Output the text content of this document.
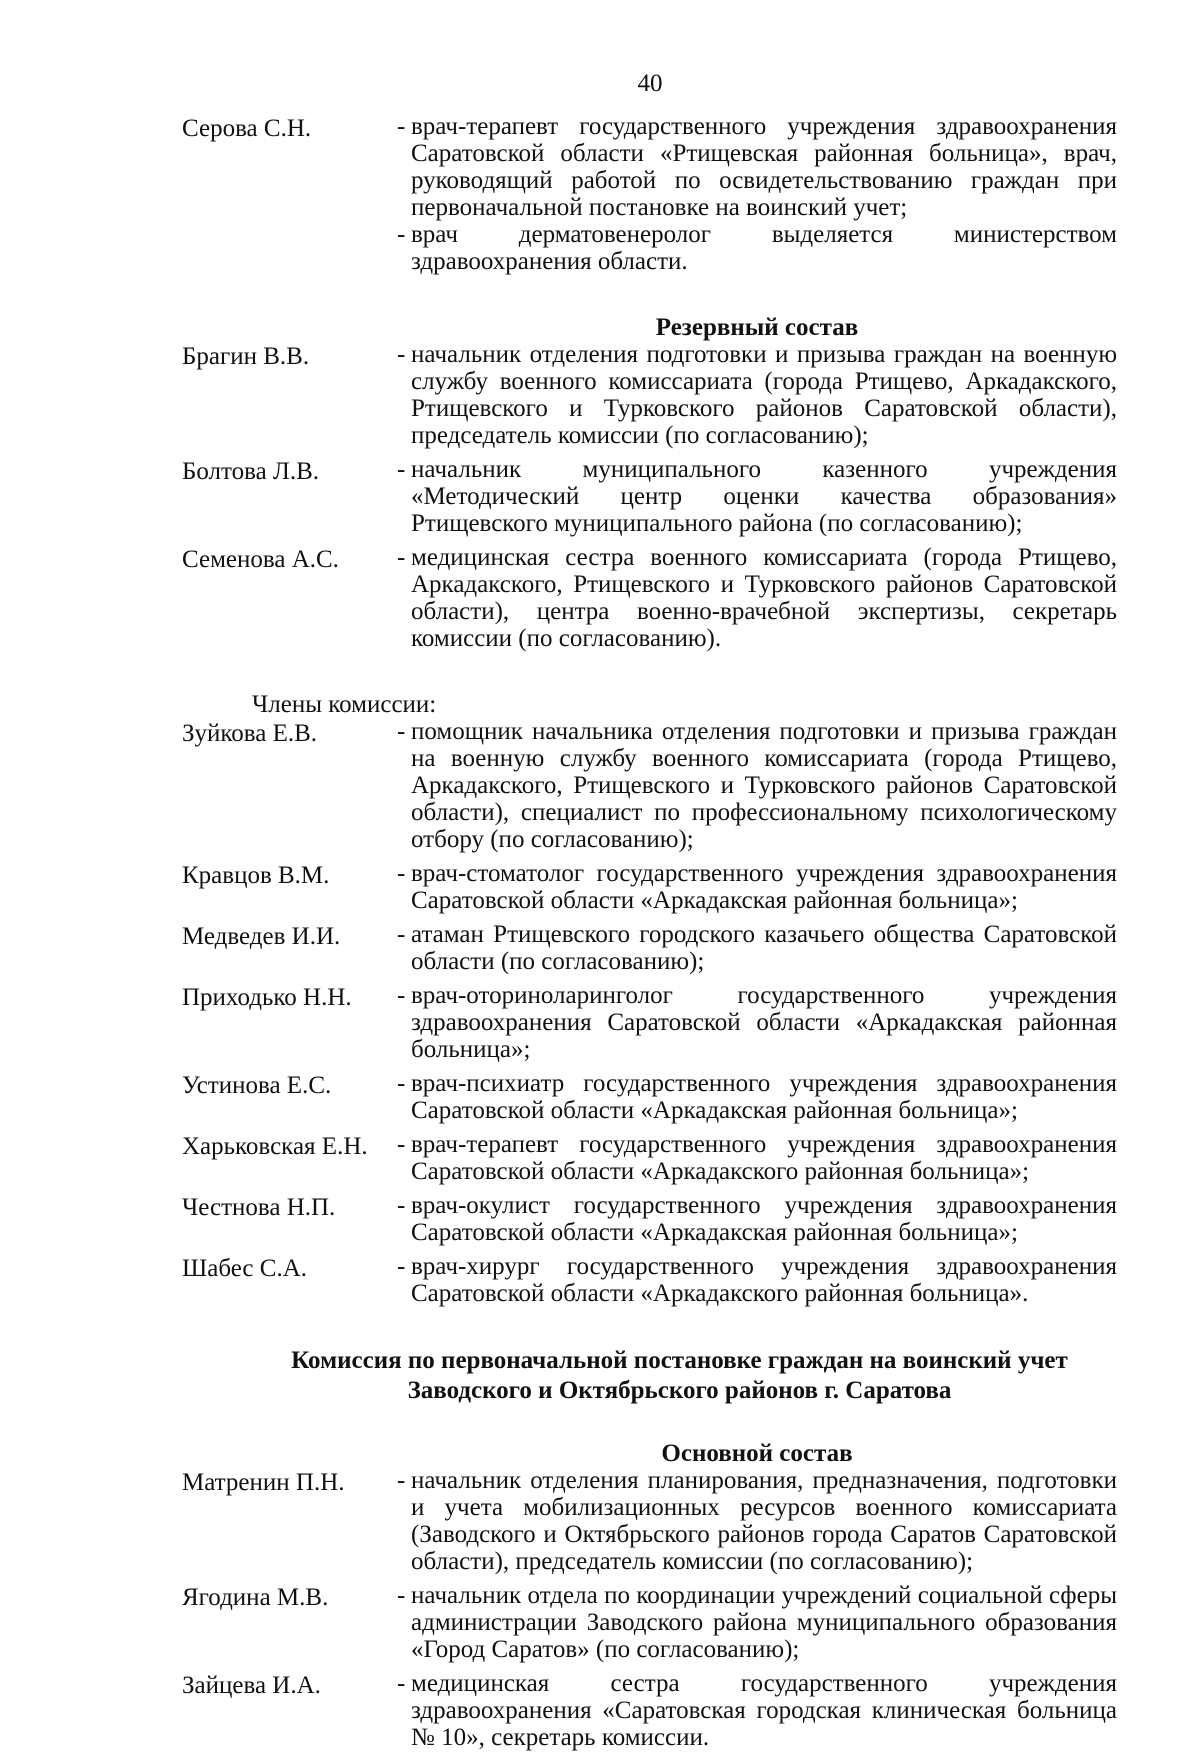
40
Серова С.Н.	- врач-терапевт государственного учреждения здравоохранения Саратовской области «Ртищевская районная больница», врач, руководящий работой по освидетельствованию граждан при первоначальной постановке на воинский учет;
- врач дерматовенеролог выделяется министерством здравоохранения области.
Резервный состав
Брагин В.В.	- начальник отделения подготовки и призыва граждан на военную службу военного комиссариата (города Ртищево, Аркадакского, Ртищевского и Турковского районов Саратовской области), председатель комиссии (по согласованию);
Болтова Л.В.	- начальник муниципального казенного учреждения «Методический центр оценки качества образования» Ртищевского муниципального района (по согласованию);
Семенова А.С.	- медицинская сестра военного комиссариата (города Ртищево, Аркадакского, Ртищевского и Турковского районов Саратовской области), центра военно-врачебной экспертизы, секретарь комиссии (по согласованию).
Члены комиссии:
Зуйкова Е.В.	- помощник начальника отделения подготовки и призыва граждан на военную службу военного комиссариата (города Ртищево, Аркадакского, Ртищевского и Турковского районов Саратовской области), специалист по профессиональному психологическому отбору (по согласованию);
Кравцов В.М.	- врач-стоматолог государственного учреждения здравоохранения Саратовской области «Аркадакская районная больница»;
Медведев И.И.	- атаман Ртищевского городского казачьего общества Саратовской области (по согласованию);
Приходько Н.Н.	- врач-оториноларинголог государственного учреждения здравоохранения Саратовской области «Аркадакская районная больница»;
Устинова Е.С.	- врач-психиатр государственного учреждения здравоохранения Саратовской области «Аркадакская районная больница»;
Харьковская Е.Н.	- врач-терапевт государственного учреждения здравоохранения Саратовской области «Аркадакского районная больница»;
Честнова Н.П.	- врач-окулист государственного учреждения здравоохранения Саратовской области «Аркадакская районная больница»;
Шабес С.А.	- врач-хирург государственного учреждения здравоохранения Саратовской области «Аркадакского районная больница».
Комиссия по первоначальной постановке граждан на воинский учет
Заводского и Октябрьского районов г. Саратова
Основной состав
Матренин П.Н.	- начальник отделения планирования, предназначения, подготовки и учета мобилизационных ресурсов военного комиссариата (Заводского и Октябрьского районов города Саратов Саратовской области), председатель комиссии (по согласованию);
Ягодина М.В.	- начальник отдела по координации учреждений социальной сферы администрации Заводского района муниципального образования «Город Саратов» (по согласованию);
Зайцева И.А.	- медицинская сестра государственного учреждения здравоохранения «Саратовская городская клиническая больница № 10», секретарь комиссии.
